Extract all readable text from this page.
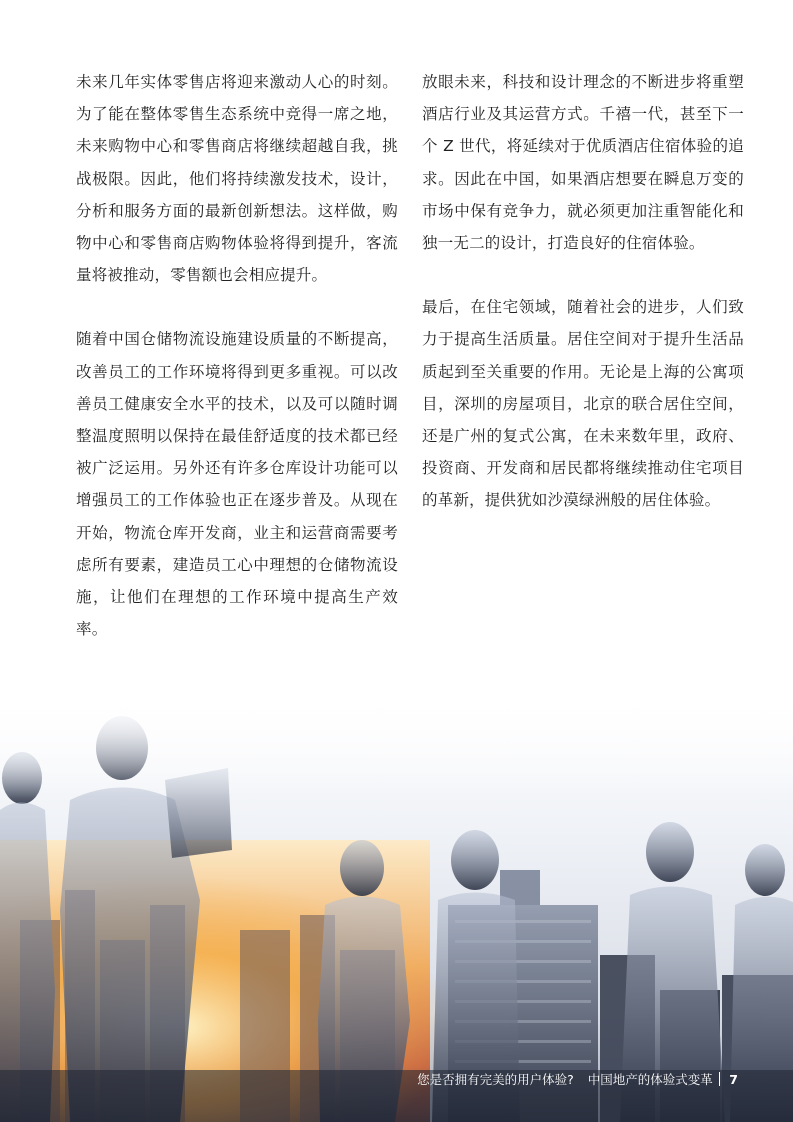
未来几年实体零售店将迎来激动人心的时刻。为了能在整体零售生态系统中竞得一席之地，未来购物中心和零售商店将继续超越自我，挑战极限。因此，他们将持续激发技术，设计，分析和服务方面的最新创新想法。这样做，购物中心和零售商店购物体验将得到提升，客流量将被推动，零售额也会相应提升。

随着中国仓储物流设施建设质量的不断提高，改善员工的工作环境将得到更多重视。可以改善员工健康安全水平的技术，以及可以随时调整温度照明以保持在最佳舒适度的技术都已经被广泛运用。另外还有许多仓库设计功能可以增强员工的工作体验也正在逐步普及。从现在开始，物流仓库开发商，业主和运营商需要考虑所有要素，建造员工心中理想的仓储物流设施，让他们在理想的工作环境中提高生产效率。

放眼未来，科技和设计理念的不断进步将重塑酒店行业及其运营方式。千禧一代，甚至下一个 Z 世代，将延续对于优质酒店住宿体验的追求。因此在中国，如果酒店想要在瞬息万变的市场中保有竞争力，就必须更加注重智能化和独一无二的设计，打造良好的住宿体验。

最后，在住宅领域，随着社会的进步，人们致力于提高生活质量。居住空间对于提升生活品质起到至关重要的作用。无论是上海的公寓项目，深圳的房屋项目，北京的联合居住空间，还是广州的复式公寓，在未来数年里，政府、投资商、开发商和居民都将继续推动住宅项目的革新，提供犹如沙漠绿洲般的居住体验。

您是否拥有完美的用户体验? 中国地产的体验式变革 7
